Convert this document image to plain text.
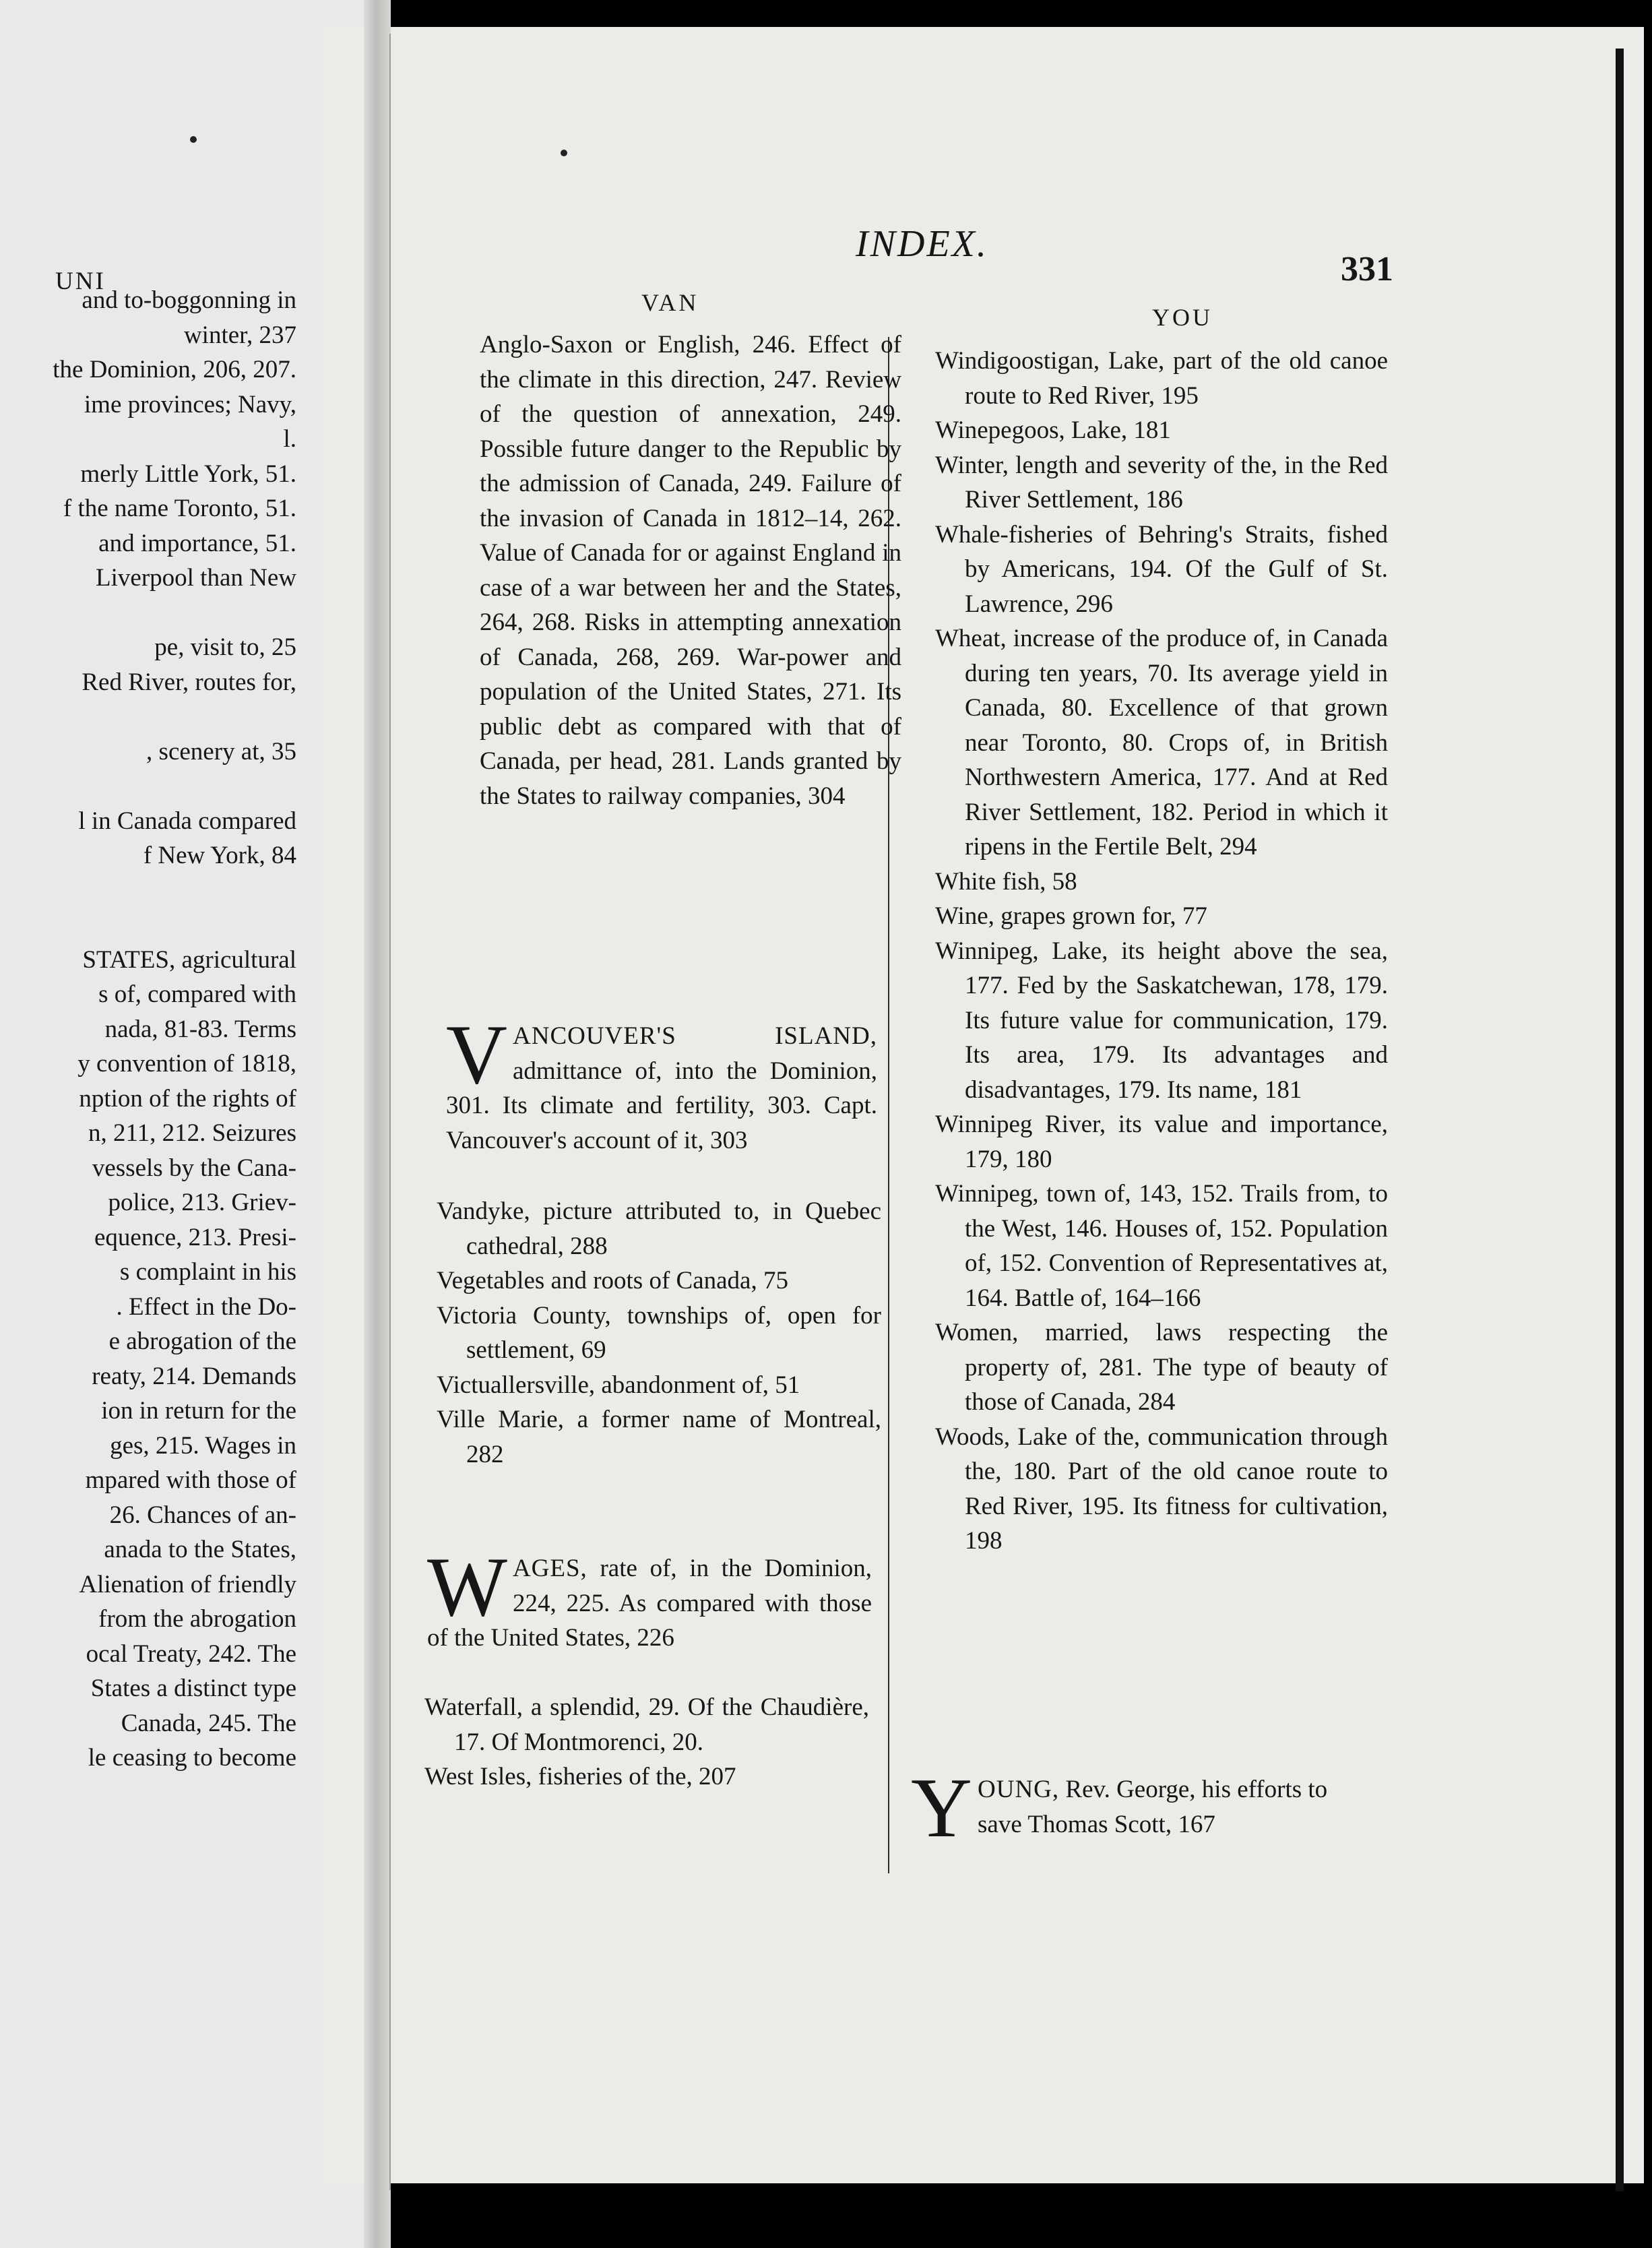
UNI
and to-boggonning in
winter, 237
the Dominion, 206, 207.
ime provinces; Navy,
l.
merly Little York, 51.
f the name Toronto, 51.
and importance, 51.
Liverpool than New
pe, visit to, 25
Red River, routes for,
, scenery at, 35
l in Canada compared
f New York, 84
STATES, agricultural
s of, compared with
nada, 81-83. Terms
y convention of 1818,
nption of the rights of
n, 211, 212. Seizures
vessels by the Cana-
police, 213. Griev-
equence, 213. Presi-
s complaint in his
. Effect in the Do-
e abrogation of the
reaty, 214. Demands
ion in return for the
ges, 215. Wages in
mpared with those of
26. Chances of an-
anada to the States,
Alienation of friendly
from the abrogation
ocal Treaty, 242. The
States a distinct type
Canada, 245. The
le ceasing to become
INDEX.
331
VAN
YOU

Anglo-Saxon or English, 246. Effect of the climate in this direction, 247. Review of the question of annexation, 249. Possible future danger to the Republic by the admission of Canada, 249. Failure of the invasion of Canada in 1812–14, 262. Value of Canada for or against England in case of a war between her and the States, 264, 268. Risks in attempting annexation of Canada, 268, 269. War-power and population of the United States, 271. Its public debt as compared with that of Canada, per head, 281. Lands granted by the States to railway companies, 304

V ANCOUVER'S ISLAND, admittance of, into the Dominion, 301. Its climate and fertility, 303. Capt. Vancouver's account of it, 303

Vandyke, picture attributed to, in Quebec cathedral, 288

Vegetables and roots of Canada, 75

Victoria County, townships of, open for settlement, 69

Victuallersville, abandonment of, 51

Ville Marie, a former name of Montreal, 282

W AGES, rate of, in the Dominion, 224, 225. As compared with those of the United States, 226

Waterfall, a splendid, 29. Of the Chaudière, 17. Of Montmorenci, 20.

West Isles, fisheries of the, 207

Windigoostigan, Lake, part of the old canoe route to Red River, 195

Winepegoos, Lake, 181

Winter, length and severity of the, in the Red River Settlement, 186

Whale-fisheries of Behring's Straits, fished by Americans, 194. Of the Gulf of St. Lawrence, 296

Wheat, increase of the produce of, in Canada during ten years, 70. Its average yield in Canada, 80. Excellence of that grown near Toronto, 80. Crops of, in British Northwestern America, 177. And at Red River Settlement, 182. Period in which it ripens in the Fertile Belt, 294

White fish, 58

Wine, grapes grown for, 77

Winnipeg, Lake, its height above the sea, 177. Fed by the Saskatchewan, 178, 179. Its future value for communication, 179. Its area, 179. Its advantages and disadvantages, 179. Its name, 181

Winnipeg River, its value and importance, 179, 180

Winnipeg, town of, 143, 152. Trails from, to the West, 146. Houses of, 152. Population of, 152. Convention of Representatives at, 164. Battle of, 164–166

Women, married, laws respecting the property of, 281. The type of beauty of those of Canada, 284

Woods, Lake of the, communication through the, 180. Part of the old canoe route to Red River, 195. Its fitness for cultivation, 198

Y OUNG, Rev. George, his efforts to save Thomas Scott, 167
